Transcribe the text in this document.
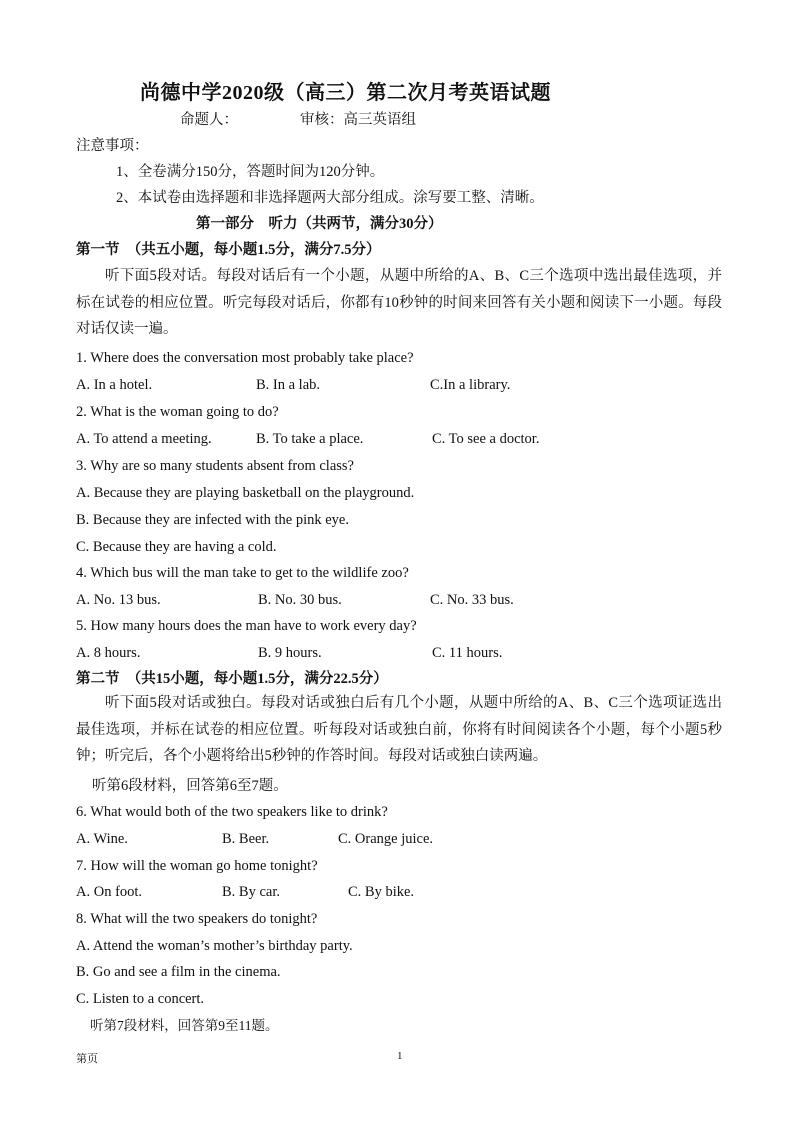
尚德中学2020级（高三）第二次月考英语试题
命题人：	审核：高三英语组
注意事项：
1、全卷满分150分，答题时间为120分钟。
2、本试卷由选择题和非选择题两大部分组成。涂写要工整、清晰。
第一部分　听力（共两节，满分30分）
第一节　（共五小题，每小题1.5分，满分7.5分）
听下面5段对话。每段对话后有一个小题，从题中所给的A、B、C三个选项中选出最佳选项，并标在试卷的相应位置。听完每段对话后，你都有10秒钟的时间来回答有关小题和阅读下一小题。每段对话仅读一遍。
1. Where does the conversation most probably take place?
A. In a hotel.	B. In a lab.	C.In a library.
2. What is the woman going to do?
A. To attend a meeting.	B. To take a place.	C. To see a doctor.
3. Why are so many students absent from class?
A. Because they are playing basketball on the playground.
B. Because they are infected with the pink eye.
C. Because they are having a cold.
4. Which bus will the man take to get to the wildlife zoo?
A. No. 13 bus.	B. No. 30 bus.	C. No. 33 bus.
5. How many hours does the man have to work every day?
A. 8 hours.	B. 9 hours.	C. 11 hours.
第二节　（共15小题，每小题1.5分，满分22.5分）
听下面5段对话或独白。每段对话或独白后有几个小题，从题中所给的A、B、C三个选项证选出最佳选项，并标在试卷的相应位置。听每段对话或独白前，你将有时间阅读各个小题，每个小题5秒钟；听完后，各个小题将给出5秒钟的作答时间。每段对话或独白读两遍。
听第6段材料，回答第6至7题。
6. What would both of the two speakers like to drink?
A. Wine.	B. Beer.	C. Orange juice.
7. How will the woman go home tonight?
A. On foot.	B. By car.	C. By bike.
8. What will the two speakers do tonight?
A. Attend the woman’s mother’s birthday party.
B. Go and see a film in the cinema.
C. Listen to a concert.
听第7段材料，回答第9至11题。
第页	1
